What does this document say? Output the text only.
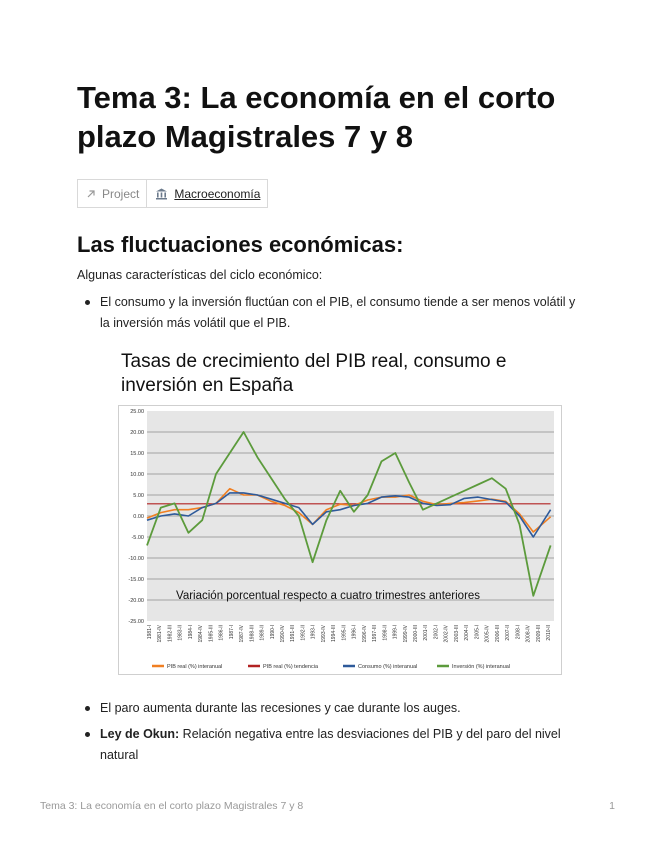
Tema 3: La economía en el corto plazo Magistrales 7 y 8
Project	Macroeconomía
Las fluctuaciones económicas:

Algunas características del ciclo económico:

El consumo y la inversión fluctúan con el PIB, el consumo tiende a ser menos volátil y la inversión más volátil que el PIB.
Tasas de crecimiento del PIB real, consumo e
inversión en España
25.00
20.00
15.00
10.00
5.00
0.00
-5.00
-10.00
-15.00
-20.00
-25.00
1981-I 1981-IV 1982-III 1983-II 1984-I 1984-IV 1985-III 1986-II 1987-I 1987-IV 1988-III 1989-II 1990-I 1990-IV 1991-III 1992-II 1993-I 1993-IV 1994-III 1995-II 1996-I 1996-IV 1997-III 1998-II 1999-I 1999-IV 2000-III 2001-II 2002-I 2002-IV 2003-III 2004-II 2005-I 2005-IV 2006-III 2007-II 2008-I 2008-IV 2009-III 2010-II
Variación porcentual respecto a cuatro trimestres anteriores
PIB real (%) interanual	PIB real (%) tendencia	Consumo (%) interanual	Inversión (%) interanual
El paro aumenta durante las recesiones y cae durante los auges.
Ley de Okun: Relación negativa entre las desviaciones del PIB y del paro del nivel natural
Tema 3: La economía en el corto plazo Magistrales 7 y 8	1
